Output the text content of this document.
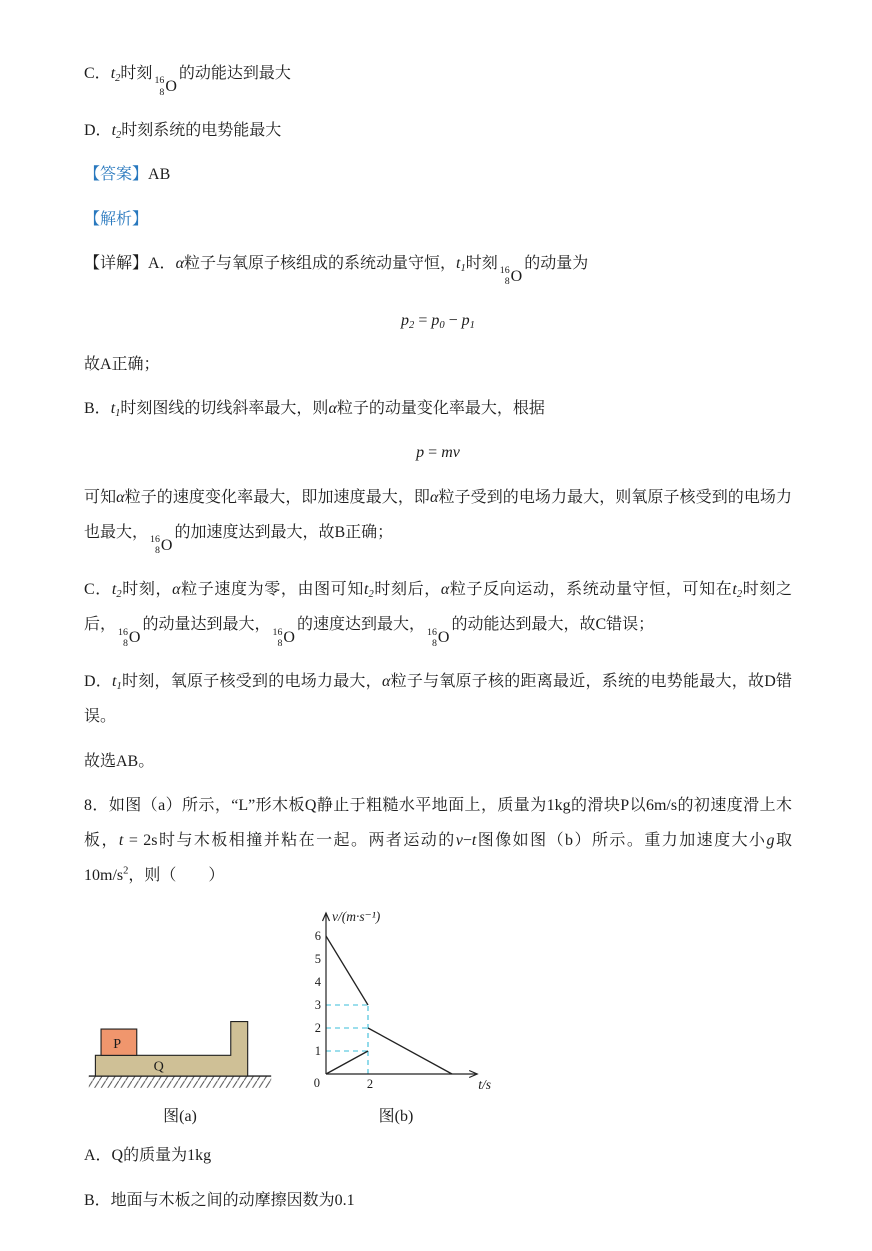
C．$t_2$时刻 16
8 O
的动能达到最大

D．$t_2$时刻系统的电势能最大

【答案】AB

【解析】

【详解】A．α粒子与氧原子核组成的系统动量守恒，$t_1$时刻 16
8 O
的动量为

$p_2 = p_0 - p_1$

故A正确；

B．$t_1$时刻图线的切线斜率最大，则α粒子的动量变化率最大，根据

p = mv

可知α粒子的速度变化率最大，即加速度最大，即α粒子受到的电场力最大，则氧原子核受到的电场力也最大， 16
8 O
的加速度达到最大，故B正确；

C．$t_2$时刻，α粒子速度为零，由图可知$t_2$时刻后，α粒子反向运动，系统动量守恒，可知在$t_2$时刻之后， 16
8 O
的动量达到最大， 16
8 O
的速度达到最大， 16
8 O
的动能达到最大，故C错误；

D．$t_1$时刻，氧原子核受到的电场力最大，α粒子与氧原子核的距离最近，系统的电势能最大，故D错误。

故选AB。

8．如图（a）所示，“L”形木板Q静止于粗糙水平地面上，质量为1kg的滑块P以6m/s的初速度滑上木板，t = 2s时与木板相撞并粘在一起。两者运动的v−t图像如图（b）所示。重力加速度大小g取$10m/s^2$，则（　　）

P
Q
图(a)
1
2
3
4
5
6
2
0
v/(m·s⁻¹)
t/s
图(b)

A．Q的质量为1kg

B．地面与木板之间的动摩擦因数为0.1
